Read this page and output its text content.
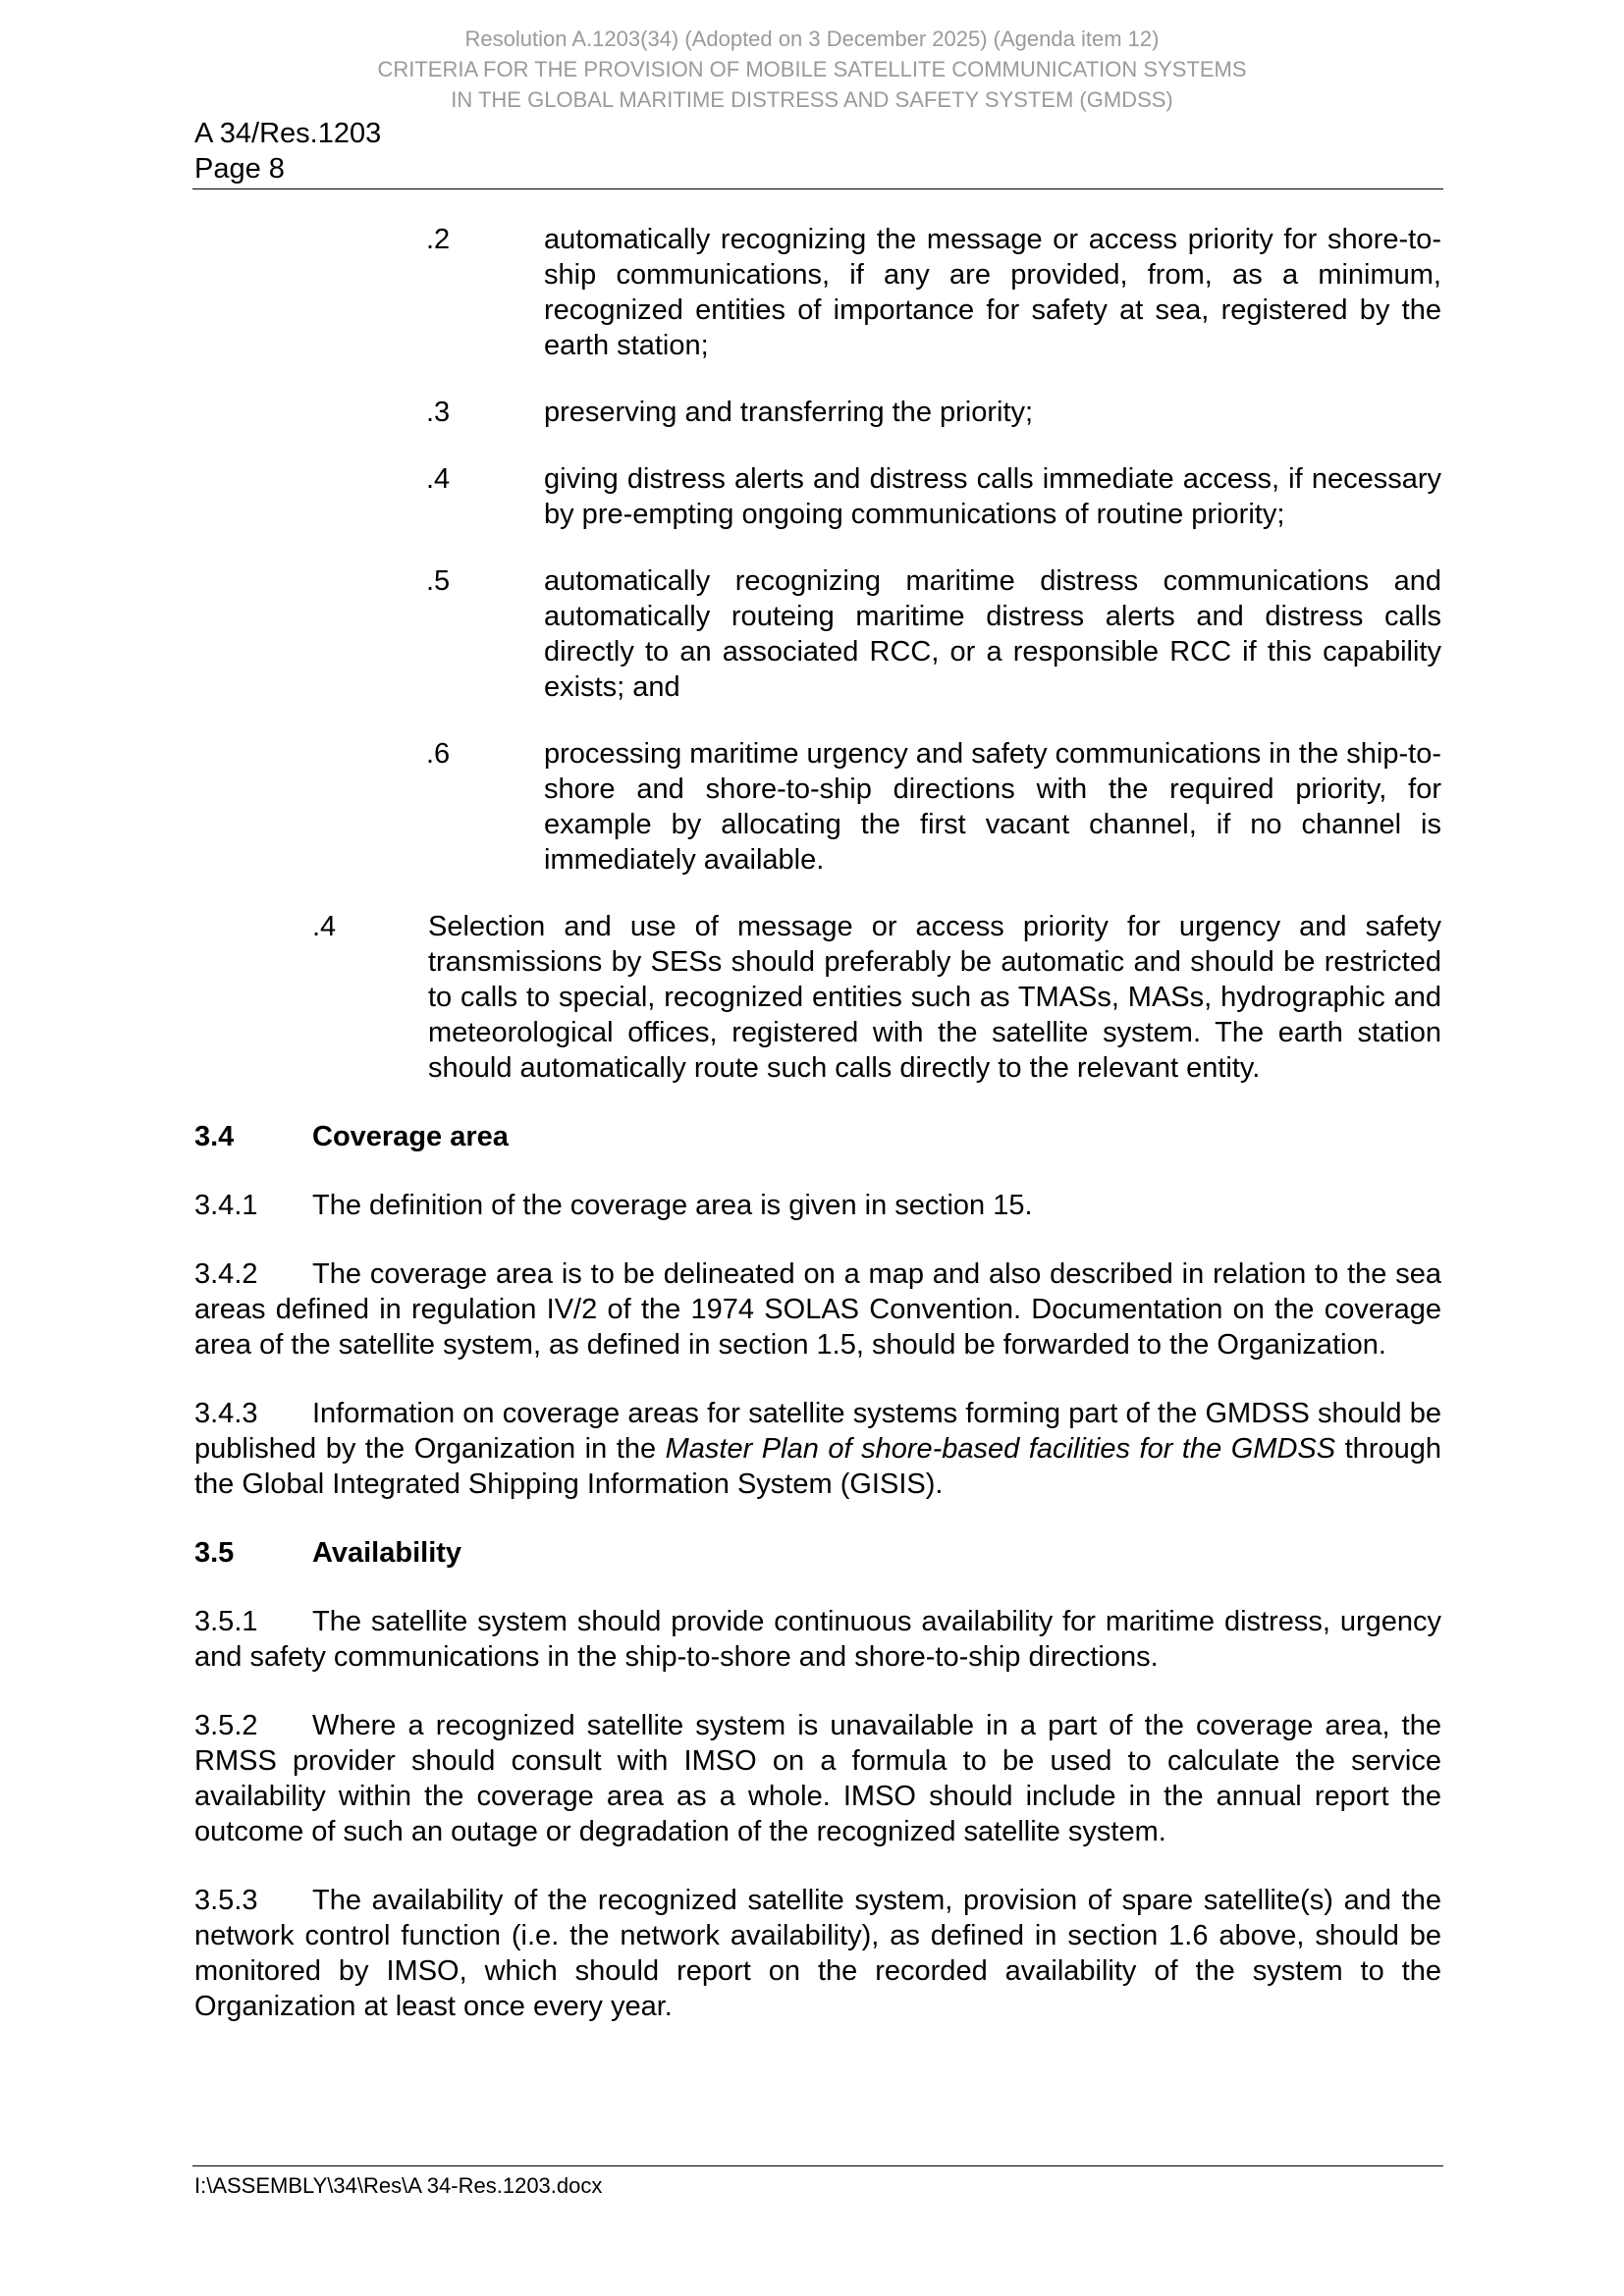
Resolution A.1203(34) (Adopted on 3 December 2025) (Agenda item 12)
CRITERIA FOR THE PROVISION OF MOBILE SATELLITE COMMUNICATION SYSTEMS
IN THE GLOBAL MARITIME DISTRESS AND SAFETY SYSTEM (GMDSS)
A 34/Res.1203
Page 8
.2	automatically recognizing the message or access priority for shore-to-ship communications, if any are provided, from, as a minimum, recognized entities of importance for safety at sea, registered by the earth station;
.3	preserving and transferring the priority;
.4	giving distress alerts and distress calls immediate access, if necessary by pre-empting ongoing communications of routine priority;
.5	automatically recognizing maritime distress communications and automatically routeing maritime distress alerts and distress calls directly to an associated RCC, or a responsible RCC if this capability exists; and
.6	processing maritime urgency and safety communications in the ship-to-shore and shore-to-ship directions with the required priority, for example by allocating the first vacant channel, if no channel is immediately available.
.4	Selection and use of message or access priority for urgency and safety transmissions by SESs should preferably be automatic and should be restricted to calls to special, recognized entities such as TMASs, MASs, hydrographic and meteorological offices, registered with the satellite system. The earth station should automatically route such calls directly to the relevant entity.
3.4	Coverage area
3.4.1 The definition of the coverage area is given in section 15.
3.4.2 The coverage area is to be delineated on a map and also described in relation to the sea areas defined in regulation IV/2 of the 1974 SOLAS Convention. Documentation on the coverage area of the satellite system, as defined in section 1.5, should be forwarded to the Organization.
3.4.3 Information on coverage areas for satellite systems forming part of the GMDSS should be published by the Organization in the Master Plan of shore-based facilities for the GMDSS through the Global Integrated Shipping Information System (GISIS).
3.5	Availability
3.5.1 The satellite system should provide continuous availability for maritime distress, urgency and safety communications in the ship-to-shore and shore-to-ship directions.
3.5.2 Where a recognized satellite system is unavailable in a part of the coverage area, the RMSS provider should consult with IMSO on a formula to be used to calculate the service availability within the coverage area as a whole. IMSO should include in the annual report the outcome of such an outage or degradation of the recognized satellite system.
3.5.3 The availability of the recognized satellite system, provision of spare satellite(s) and the network control function (i.e. the network availability), as defined in section 1.6 above, should be monitored by IMSO, which should report on the recorded availability of the system to the Organization at least once every year.
I:\ASSEMBLY\34\Res\A 34-Res.1203.docx
